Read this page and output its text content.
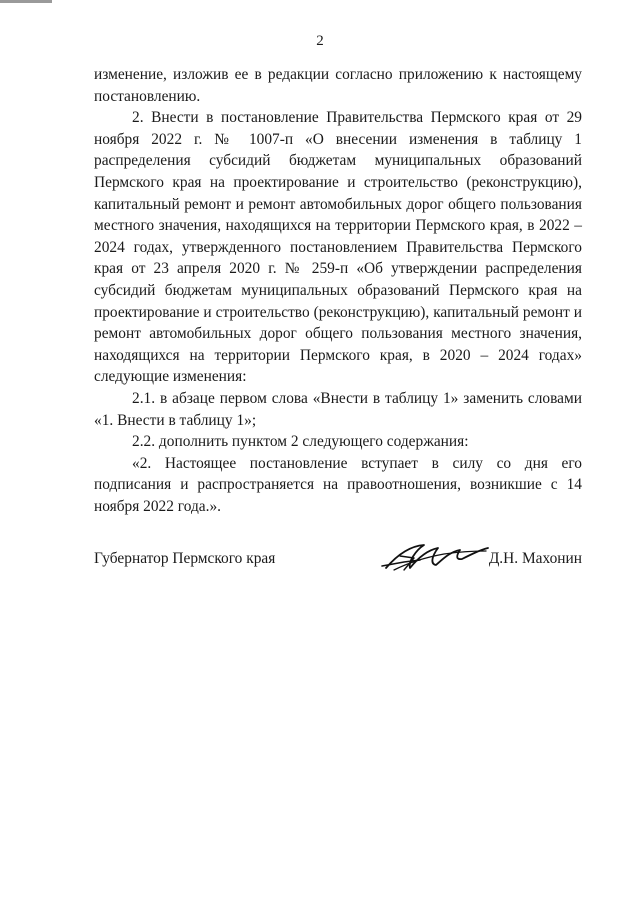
2

изменение, изложив ее в редакции согласно приложению к настоящему постановлению.

2. Внести в постановление Правительства Пермского края от 29 ноября 2022 г. № 1007-п «О внесении изменения в таблицу 1 распределения субсидий бюджетам муниципальных образований Пермского края на проектирование и строительство (реконструкцию), капитальный ремонт и ремонт автомобильных дорог общего пользования местного значения, находящихся на территории Пермского края, в 2022 – 2024 годах, утвержденного постановлением Правительства Пермского края от 23 апреля 2020 г. № 259-п «Об утверждении распределения субсидий бюджетам муниципальных образований Пермского края на проектирование и строительство (реконструкцию), капитальный ремонт и ремонт автомобильных дорог общего пользования местного значения, находящихся на территории Пермского края, в 2020 – 2024 годах» следующие изменения:

2.1. в абзаце первом слова «Внести в таблицу 1» заменить словами «1. Внести в таблицу 1»;

2.2. дополнить пунктом 2 следующего содержания:

«2. Настоящее постановление вступает в силу со дня его подписания и распространяется на правоотношения, возникшие с 14 ноября 2022 года.».

Губернатор Пермского края	Д.Н. Махонин
